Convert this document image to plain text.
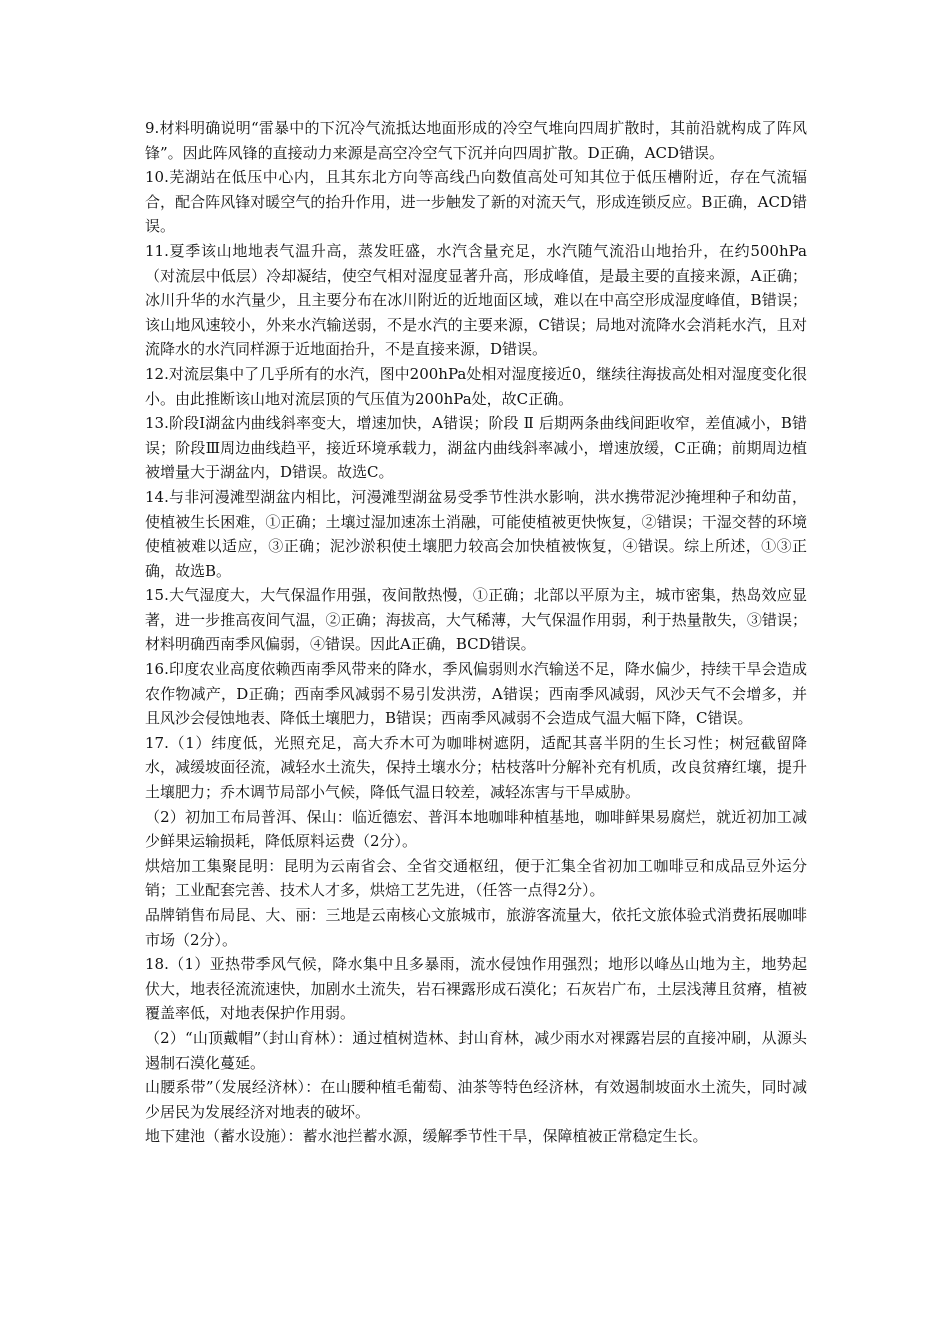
9.材料明确说明“雷暴中的下沉冷气流抵达地面形成的冷空气堆向四周扩散时，其前沿就构成了阵风锋”。因此阵风锋的直接动力来源是高空冷空气下沉并向四周扩散。D正确，ACD错误。

10.芜湖站在低压中心内，且其东北方向等高线凸向数值高处可知其位于低压槽附近，存在气流辐合，配合阵风锋对暖空气的抬升作用，进一步触发了新的对流天气，形成连锁反应。B正确，ACD错误。

11.夏季该山地地表气温升高，蒸发旺盛，水汽含量充足，水汽随气流沿山地抬升，在约500hPa（对流层中低层）冷却凝结，使空气相对湿度显著升高，形成峰值，是最主要的直接来源，A正确；冰川升华的水汽量少，且主要分布在冰川附近的近地面区域，难以在中高空形成湿度峰值，B错误；该山地风速较小，外来水汽输送弱，不是水汽的主要来源，C错误；局地对流降水会消耗水汽，且对流降水的水汽同样源于近地面抬升，不是直接来源，D错误。

12.对流层集中了几乎所有的水汽，图中200hPa处相对湿度接近0，继续往海拔高处相对湿度变化很小。由此推断该山地对流层顶的气压值为200hPa处，故C正确。

13.阶段Ⅰ湖盆内曲线斜率变大，增速加快，A错误；阶段 Ⅱ 后期两条曲线间距收窄，差值减小，B错误；阶段Ⅲ周边曲线趋平，接近环境承载力，湖盆内曲线斜率减小，增速放缓，C正确；前期周边植被增量大于湖盆内，D错误。故选C。

14.与非河漫滩型湖盆内相比，河漫滩型湖盆易受季节性洪水影响，洪水携带泥沙掩埋种子和幼苗，使植被生长困难，①正确；土壤过湿加速冻土消融，可能使植被更快恢复，②错误；干湿交替的环境使植被难以适应，③正确；泥沙淤积使土壤肥力较高会加快植被恢复，④错误。综上所述，①③正确，故选B。

15.大气湿度大，大气保温作用强，夜间散热慢，①正确；北部以平原为主，城市密集，热岛效应显著，进一步推高夜间气温，②正确；海拔高，大气稀薄，大气保温作用弱，利于热量散失，③错误；材料明确西南季风偏弱，④错误。因此A正确，BCD错误。

16.印度农业高度依赖西南季风带来的降水，季风偏弱则水汽输送不足，降水偏少，持续干旱会造成农作物减产，D正确；西南季风减弱不易引发洪涝，A错误；西南季风减弱，风沙天气不会增多，并且风沙会侵蚀地表、降低土壤肥力，B错误；西南季风减弱不会造成气温大幅下降，C错误。

17.（1）纬度低，光照充足，高大乔木可为咖啡树遮阴，适配其喜半阴的生长习性；树冠截留降水，减缓坡面径流，减轻水土流失，保持土壤水分；枯枝落叶分解补充有机质，改良贫瘠红壤，提升土壤肥力；乔木调节局部小气候，降低气温日较差，减轻冻害与干旱威胁。

（2）初加工布局普洱、保山：临近德宏、普洱本地咖啡种植基地，咖啡鲜果易腐烂，就近初加工减少鲜果运输损耗，降低原料运费（2分）。

烘焙加工集聚昆明：昆明为云南省会、全省交通枢纽，便于汇集全省初加工咖啡豆和成品豆外运分销；工业配套完善、技术人才多，烘焙工艺先进，（任答一点得2分）。

品牌销售布局昆、大、丽：三地是云南核心文旅城市，旅游客流量大，依托文旅体验式消费拓展咖啡市场（2分）。

18.（1）亚热带季风气候，降水集中且多暴雨，流水侵蚀作用强烈；地形以峰丛山地为主，地势起伏大，地表径流流速快，加剧水土流失，岩石裸露形成石漠化；石灰岩广布，土层浅薄且贫瘠，植被覆盖率低，对地表保护作用弱。

（2）“山顶戴帽”（封山育林）：通过植树造林、封山育林，减少雨水对裸露岩层的直接冲刷，从源头遏制石漠化蔓延。

山腰系带”（发展经济林）：在山腰种植毛葡萄、油茶等特色经济林，有效遏制坡面水土流失，同时减少居民为发展经济对地表的破坏。

地下建池（蓄水设施）：蓄水池拦蓄水源，缓解季节性干旱，保障植被正常稳定生长。
